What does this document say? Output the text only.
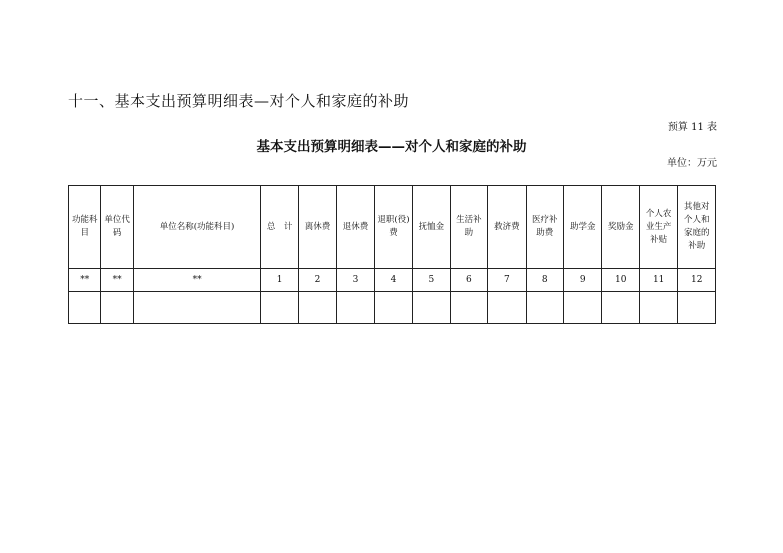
十一、基本支出预算明细表—对个人和家庭的补助
预算 11 表
基本支出预算明细表——对个人和家庭的补助
单位：万元
功能科目	单位代码	单位名称(功能科目)	总　计	离休费	退休费	退职(役)费	抚恤金	生活补助	救济费	医疗补助费	助学金	奖励金	个人农业生产补贴	其他对个人和家庭的补助
**	**	**	1	2	3	4	5	6	7	8	9	10	11	12
